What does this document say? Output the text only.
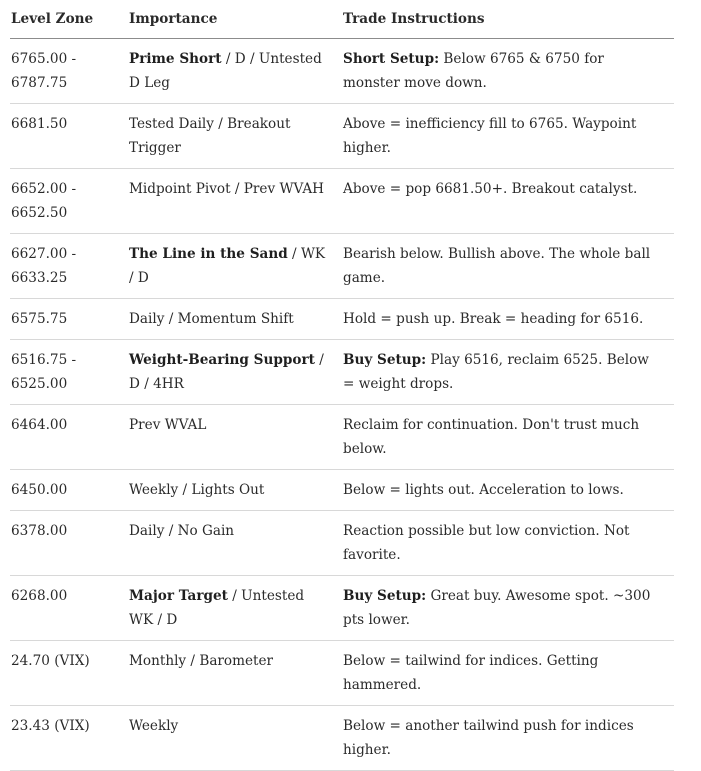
Level Zone	Importance	Trade Instructions
6765.00 - 6787.75	Prime Short / D / Untested D Leg	Short Setup: Below 6765 & 6750 for monster move down.
6681.50	Tested Daily / Breakout Trigger	Above = inefficiency fill to 6765. Waypoint higher.
6652.00 - 6652.50	Midpoint Pivot / Prev WVAH	Above = pop 6681.50+. Breakout catalyst.
6627.00 - 6633.25	The Line in the Sand / WK / D	Bearish below. Bullish above. The whole ball game.
6575.75	Daily / Momentum Shift	Hold = push up. Break = heading for 6516.
6516.75 - 6525.00	Weight-Bearing Support / D / 4HR	Buy Setup: Play 6516, reclaim 6525. Below = weight drops.
6464.00	Prev WVAL	Reclaim for continuation. Don't trust much below.
6450.00	Weekly / Lights Out	Below = lights out. Acceleration to lows.
6378.00	Daily / No Gain	Reaction possible but low conviction. Not favorite.
6268.00	Major Target / Untested WK / D	Buy Setup: Great buy. Awesome spot. ~300 pts lower.
24.70 (VIX)	Monthly / Barometer	Below = tailwind for indices. Getting hammered.
23.43 (VIX)	Weekly	Below = another tailwind push for indices higher.
